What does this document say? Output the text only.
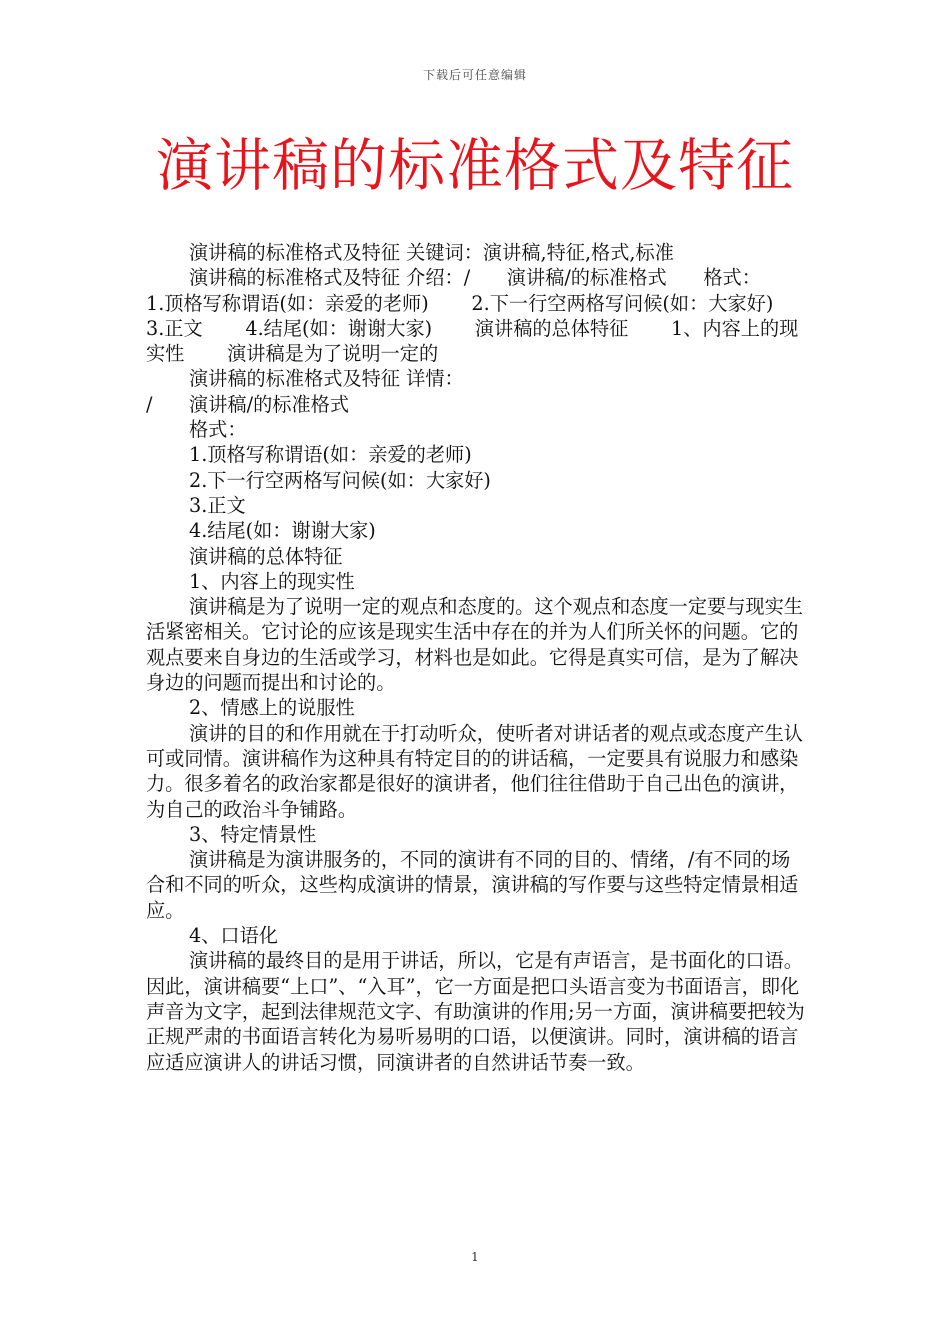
下载后可任意编辑
演讲稿的标准格式及特征

演讲稿的标准格式及特征 关键词：演讲稿,特征,格式,标准

演讲稿的标准格式及特征 介绍：/      演讲稿/的标准格式      格式：       1.顶格写称谓语(如：亲爱的老师)       2.下一行空两格写问候(如：大家好)       3.正文       4.结尾(如：谢谢大家)       演讲稿的总体特征       1、内容上的现实性       演讲稿是为了说明一定的

演讲稿的标准格式及特征 详情：

/      演讲稿/的标准格式

格式：

1.顶格写称谓语(如：亲爱的老师)

2.下一行空两格写问候(如：大家好)

3.正文

4.结尾(如：谢谢大家)

演讲稿的总体特征

1、内容上的现实性

演讲稿是为了说明一定的观点和态度的。这个观点和态度一定要与现实生活紧密相关。它讨论的应该是现实生活中存在的并为人们所关怀的问题。它的观点要来自身边的生活或学习，材料也是如此。它得是真实可信，是为了解决身边的问题而提出和讨论的。

2、情感上的说服性

演讲的目的和作用就在于打动听众，使听者对讲话者的观点或态度产生认可或同情。演讲稿作为这种具有特定目的的讲话稿，一定要具有说服力和感染力。很多着名的政治家都是很好的演讲者，他们往往借助于自己出色的演讲，为自己的政治斗争铺路。

3、特定情景性

演讲稿是为演讲服务的，不同的演讲有不同的目的、情绪，/有不同的场合和不同的听众，这些构成演讲的情景，演讲稿的写作要与这些特定情景相适应。

4、口语化

演讲稿的最终目的是用于讲话，所以，它是有声语言，是书面化的口语。因此，演讲稿要“上口”、“入耳”，它一方面是把口头语言变为书面语言，即化声音为文字，起到法律规范文字、有助演讲的作用;另一方面，演讲稿要把较为正规严肃的书面语言转化为易听易明的口语，以便演讲。同时，演讲稿的语言应适应演讲人的讲话习惯，同演讲者的自然讲话节奏一致。

1
